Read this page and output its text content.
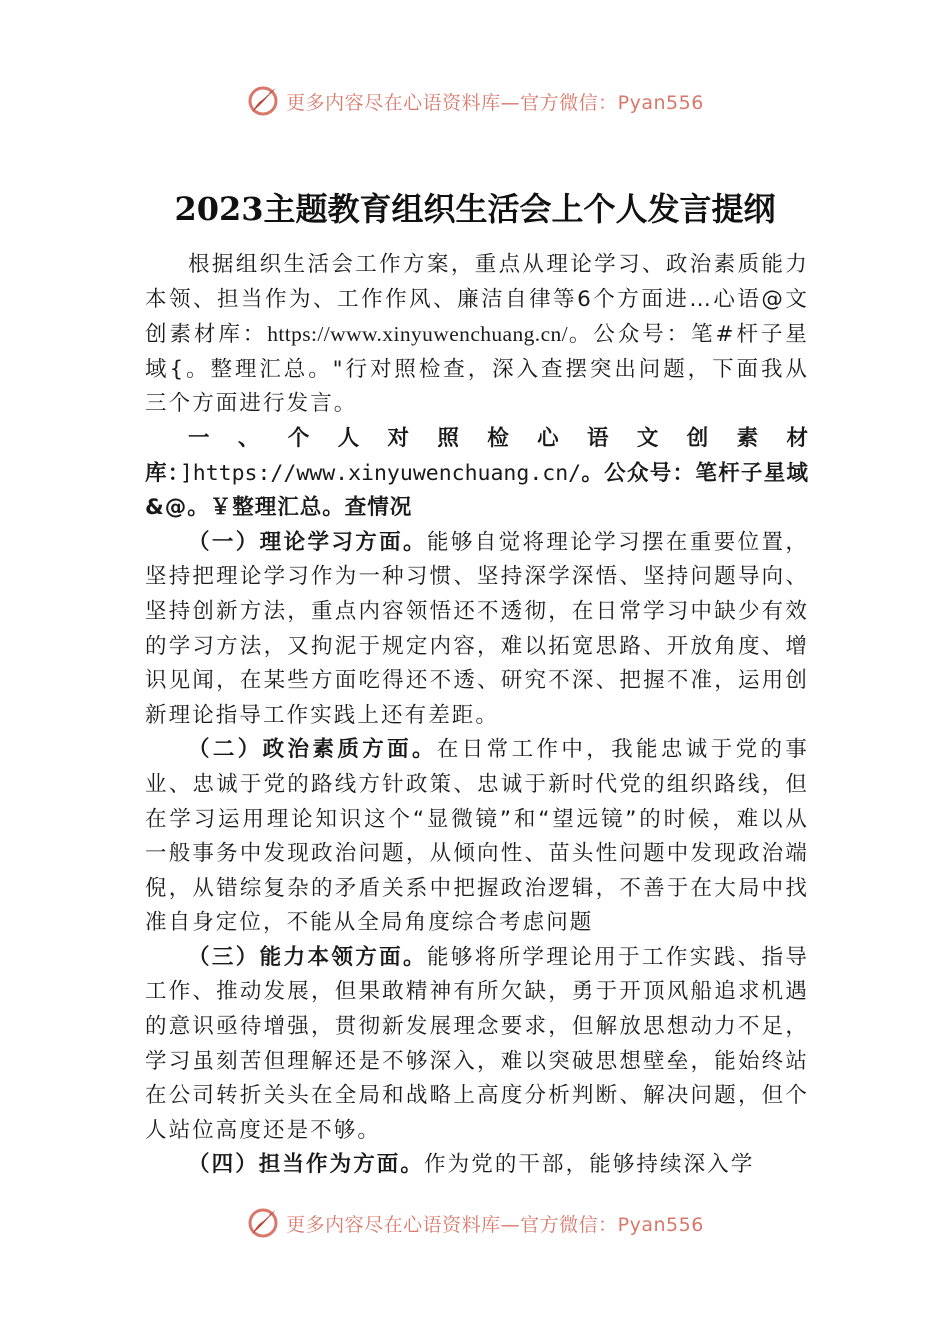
更多内容尽在心语资料库—官方微信：Pyan556
2023主题教育组织生活会上个人发言提纲

根据组织生活会工作方案，重点从理论学习、政治素质能力本领、担当作为、工作作风、廉洁自律等6个方面进…心语@文创素材库：https://www.xinyuwenchuang.cn/。公众号：笔#杆子星域{。整理汇总。"行对照检查，深入查摆突出问题，下面我从三个方面进行发言。

一、个人对照检心语文创素材库：]https://www.xinyuwenchuang.cn/。公众号：笔杆子星域&@。￥整理汇总。查情况

（一）理论学习方面。能够自觉将理论学习摆在重要位置，坚持把理论学习作为一种习惯、坚持深学深悟、坚持问题导向、坚持创新方法，重点内容领悟还不透彻，在日常学习中缺少有效的学习方法，又拘泥于规定内容，难以拓宽思路、开放角度、增识见闻，在某些方面吃得还不透、研究不深、把握不准，运用创新理论指导工作实践上还有差距。

（二）政治素质方面。在日常工作中，我能忠诚于党的事业、忠诚于党的路线方针政策、忠诚于新时代党的组织路线，但在学习运用理论知识这个“显微镜”和“望远镜”的时候，难以从一般事务中发现政治问题，从倾向性、苗头性问题中发现政治端倪，从错综复杂的矛盾关系中把握政治逻辑，不善于在大局中找准自身定位，不能从全局角度综合考虑问题

（三）能力本领方面。能够将所学理论用于工作实践、指导工作、推动发展，但果敢精神有所欠缺，勇于开顶风船追求机遇的意识亟待增强，贯彻新发展理念要求，但解放思想动力不足，学习虽刻苦但理解还是不够深入，难以突破思想壁垒，能始终站在公司转折关头在全局和战略上高度分析判断、解决问题，但个人站位高度还是不够。

（四）担当作为方面。作为党的干部，能够持续深入学

更多内容尽在心语资料库—官方微信：Pyan556
